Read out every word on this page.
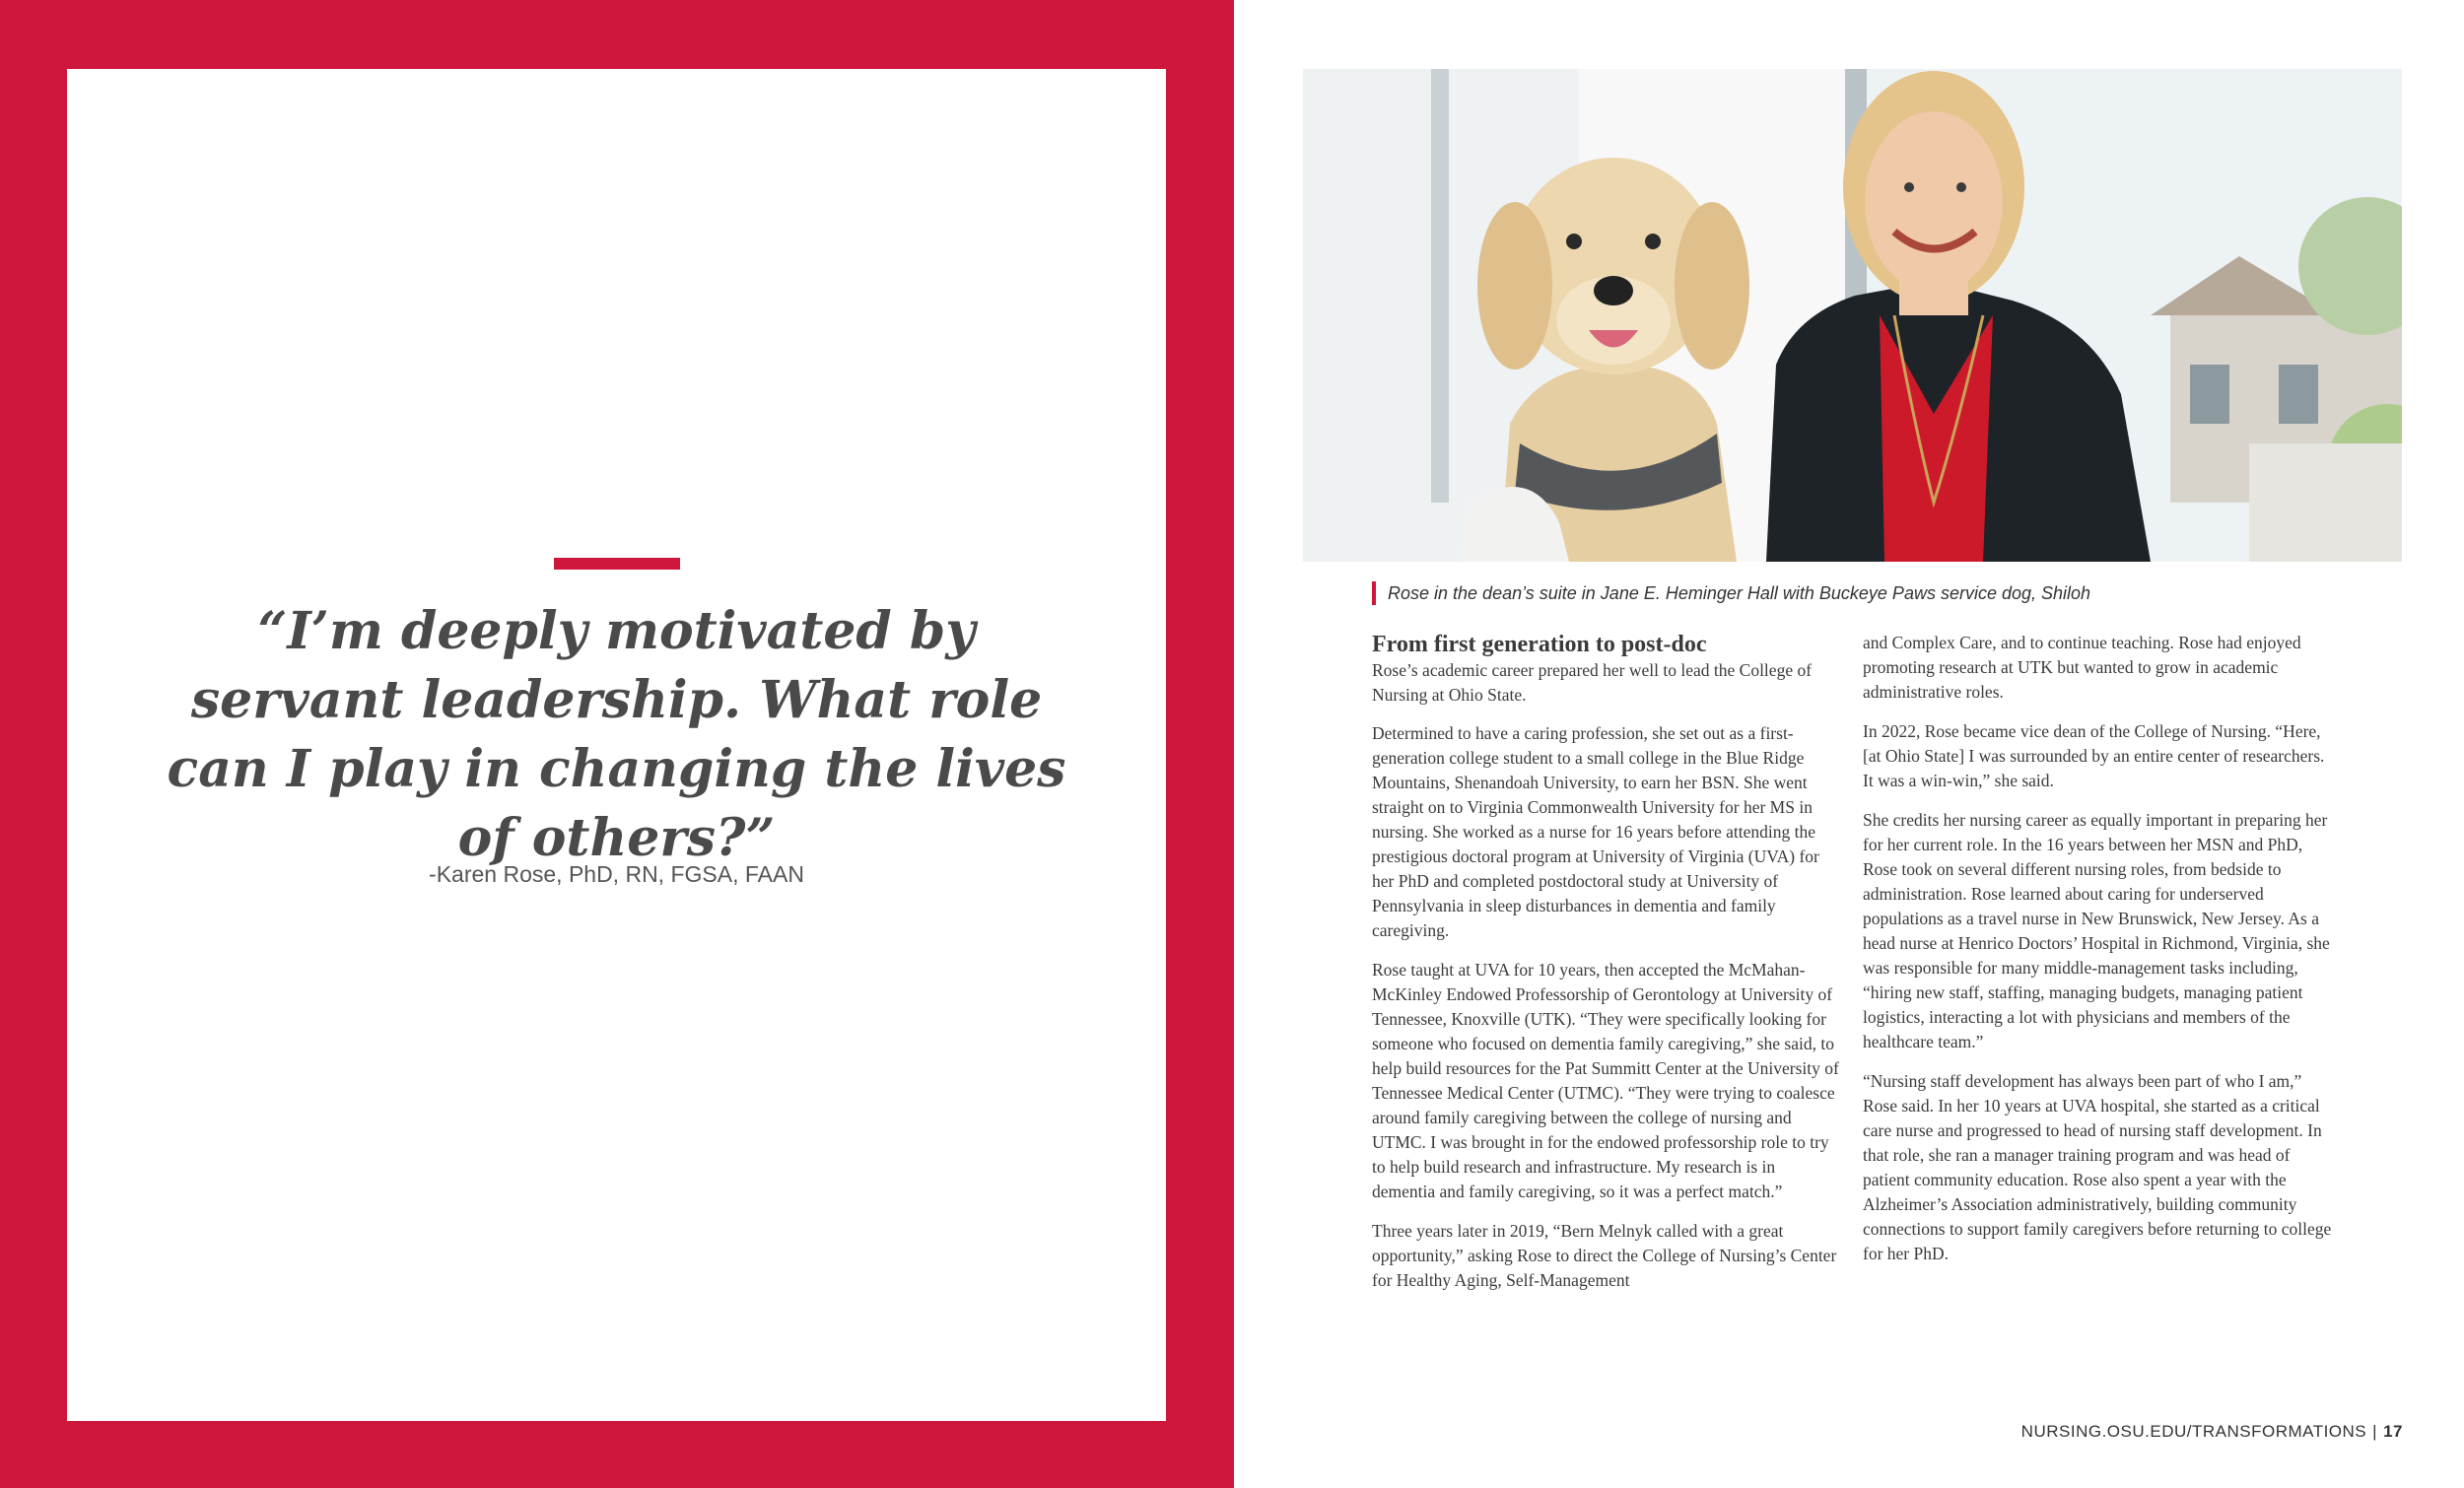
“I’m deeply motivated by servant leadership. What role can I play in changing the lives of others?”

-Karen Rose, PhD, RN, FGSA, FAAN

Rose in the dean’s suite in Jane E. Heminger Hall with Buckeye Paws service dog, Shiloh
From first generation to post-doc

Rose’s academic career prepared her well to lead the College of Nursing at Ohio State.

Determined to have a caring profession, she set out as a first-generation college student to a small college in the Blue Ridge Mountains, Shenandoah University, to earn her BSN. She went straight on to Virginia Commonwealth University for her MS in nursing. She worked as a nurse for 16 years before attending the prestigious doctoral program at University of Virginia (UVA) for her PhD and completed postdoctoral study at University of Pennsylvania in sleep disturbances in dementia and family caregiving.

Rose taught at UVA for 10 years, then accepted the McMahan-McKinley Endowed Professorship of Gerontology at University of Tennessee, Knoxville (UTK). “They were specifically looking for someone who focused on dementia family caregiving,” she said, to help build resources for the Pat Summitt Center at the University of Tennessee Medical Center (UTMC). “They were trying to coalesce around family caregiving between the college of nursing and UTMC. I was brought in for the endowed professorship role to try to help build research and infrastructure. My research is in dementia and family caregiving, so it was a perfect match.”

Three years later in 2019, “Bern Melnyk called with a great opportunity,” asking Rose to direct the College of Nursing’s Center for Healthy Aging, Self-Management

and Complex Care, and to continue teaching. Rose had enjoyed promoting research at UTK but wanted to grow in academic administrative roles.

In 2022, Rose became vice dean of the College of Nursing. “Here, [at Ohio State] I was surrounded by an entire center of researchers. It was a win-win,” she said.

She credits her nursing career as equally important in preparing her for her current role. In the 16 years between her MSN and PhD, Rose took on several different nursing roles, from bedside to administration. Rose learned about caring for underserved populations as a travel nurse in New Brunswick, New Jersey. As a head nurse at Henrico Doctors’ Hospital in Richmond, Virginia, she was responsible for many middle-management tasks including, “hiring new staff, staffing, managing budgets, managing patient logistics, interacting a lot with physicians and members of the healthcare team.”

“Nursing staff development has always been part of who I am,” Rose said. In her 10 years at UVA hospital, she started as a critical care nurse and progressed to head of nursing staff development. In that role, she ran a manager training program and was head of patient community education. Rose also spent a year with the Alzheimer’s Association administratively, building community connections to support family caregivers before returning to college for her PhD.

NURSING.OSU.EDU/TRANSFORMATIONS | 17
